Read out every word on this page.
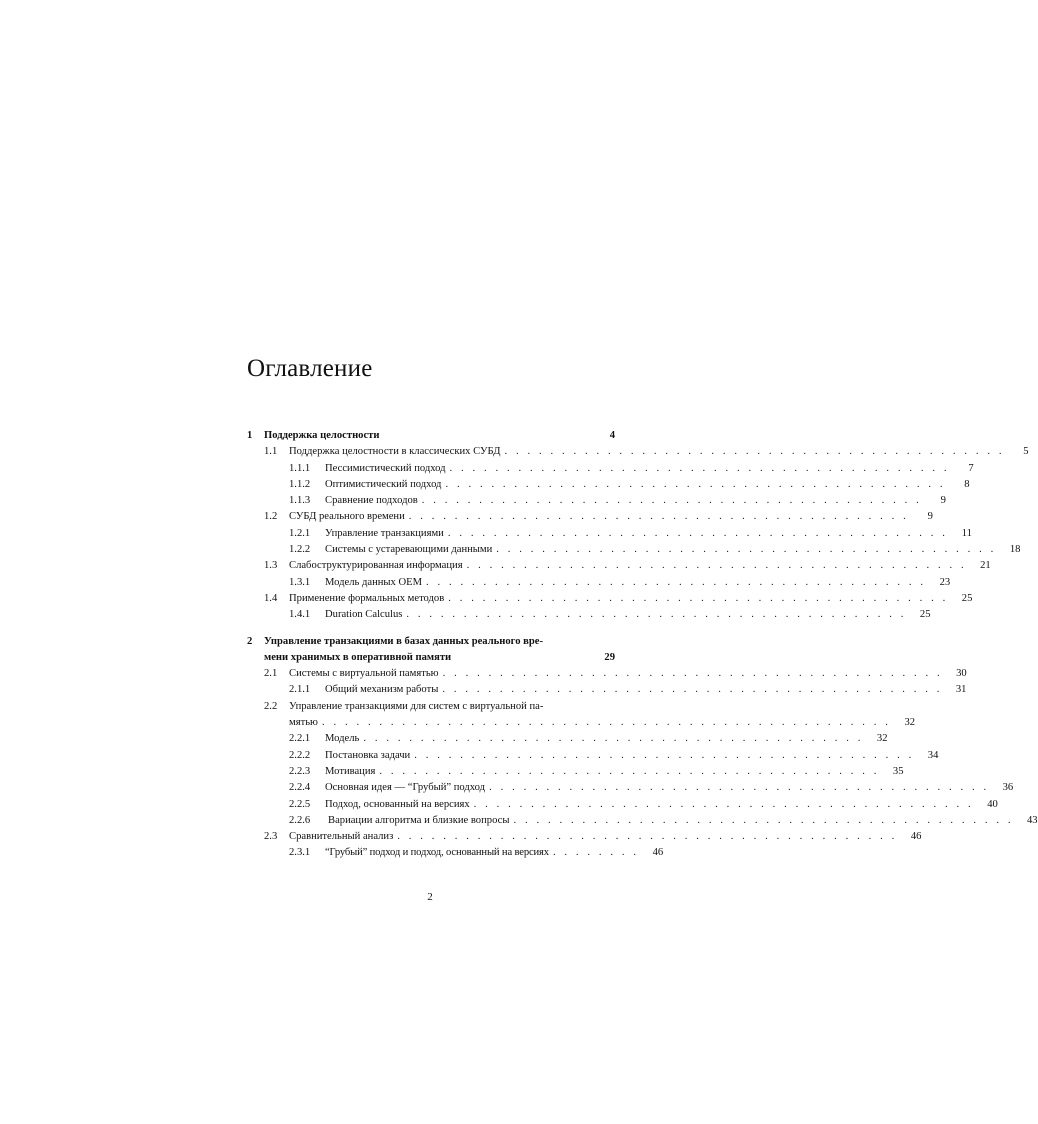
Оглавление
1 Поддержка целостности	4
1.1 Поддержка целостности в классических СУБД . . . . . . . . . . . . . . . . . . . . . . . . . . . . . . . . . . . . . . . . . . . .	5
1.1.1 Пессимистический подход . . . . . . . . . . . . . . . . . . . . . . . . . . . . . . . . . . . . . . . . . . . .	7
1.1.2 Оптимистический подход . . . . . . . . . . . . . . . . . . . . . . . . . . . . . . . . . . . . . . . . . . . .	8
1.1.3 Сравнение подходов . . . . . . . . . . . . . . . . . . . . . . . . . . . . . . . . . . . . . . . . . . . .	9
1.2 СУБД реального времени . . . . . . . . . . . . . . . . . . . . . . . . . . . . . . . . . . . . . . . . . . . .	9
1.2.1 Управление транзакциями . . . . . . . . . . . . . . . . . . . . . . . . . . . . . . . . . . . . . . . . . . . .	11
1.2.2 Системы с устаревающими данными . . . . . . . . . . . . . . . . . . . . . . . . . . . . . . . . . . . . . . . . . . . .	18
1.3 Слабоструктурированная информация . . . . . . . . . . . . . . . . . . . . . . . . . . . . . . . . . . . . . . . . . . . .	21
1.3.1 Модель данных OEM . . . . . . . . . . . . . . . . . . . . . . . . . . . . . . . . . . . . . . . . . . . .	23
1.4 Применение формальных методов . . . . . . . . . . . . . . . . . . . . . . . . . . . . . . . . . . . . . . . . . . . .	25
1.4.1 Duration Calculus . . . . . . . . . . . . . . . . . . . . . . . . . . . . . . . . . . . . . . . . . . . .	25
2 Управление транзакциями в базах данных реального вре-
мени хранимых в оперативной памяти	29
2.1 Системы с виртуальной памятью . . . . . . . . . . . . . . . . . . . . . . . . . . . . . . . . . . . . . . . . . . . .	30
2.1.1 Общий механизм работы . . . . . . . . . . . . . . . . . . . . . . . . . . . . . . . . . . . . . . . . . . . .	31
2.2 Управление транзакциями для систем с виртуальной па-
мятью . . . . . . . . . . . . . . . . . . . . . . . . . . . . . . . . . . . . . . . . . . . . . . . . . .	32
2.2.1 Модель . . . . . . . . . . . . . . . . . . . . . . . . . . . . . . . . . . . . . . . . . . . .	32
2.2.2 Постановка задачи . . . . . . . . . . . . . . . . . . . . . . . . . . . . . . . . . . . . . . . . . . . .	34
2.2.3 Мотивация . . . . . . . . . . . . . . . . . . . . . . . . . . . . . . . . . . . . . . . . . . . .	35
2.2.4 Основная идея — “Грубый” подход . . . . . . . . . . . . . . . . . . . . . . . . . . . . . . . . . . . . . . . . . . . .	36
2.2.5 Подход, основанный на версиях . . . . . . . . . . . . . . . . . . . . . . . . . . . . . . . . . . . . . . . . . . . .	40
2.2.6 Вариации алгоритма и близкие вопросы . . . . . . . . . . . . . . . . . . . . . . . . . . . . . . . . . . . . . . . . . . . .	43
2.3 Сравнительный анализ . . . . . . . . . . . . . . . . . . . . . . . . . . . . . . . . . . . . . . . . . . . .	46
2.3.1 “Грубый” подход и подход, основанный на версиях . . . . . . . .	46
2
